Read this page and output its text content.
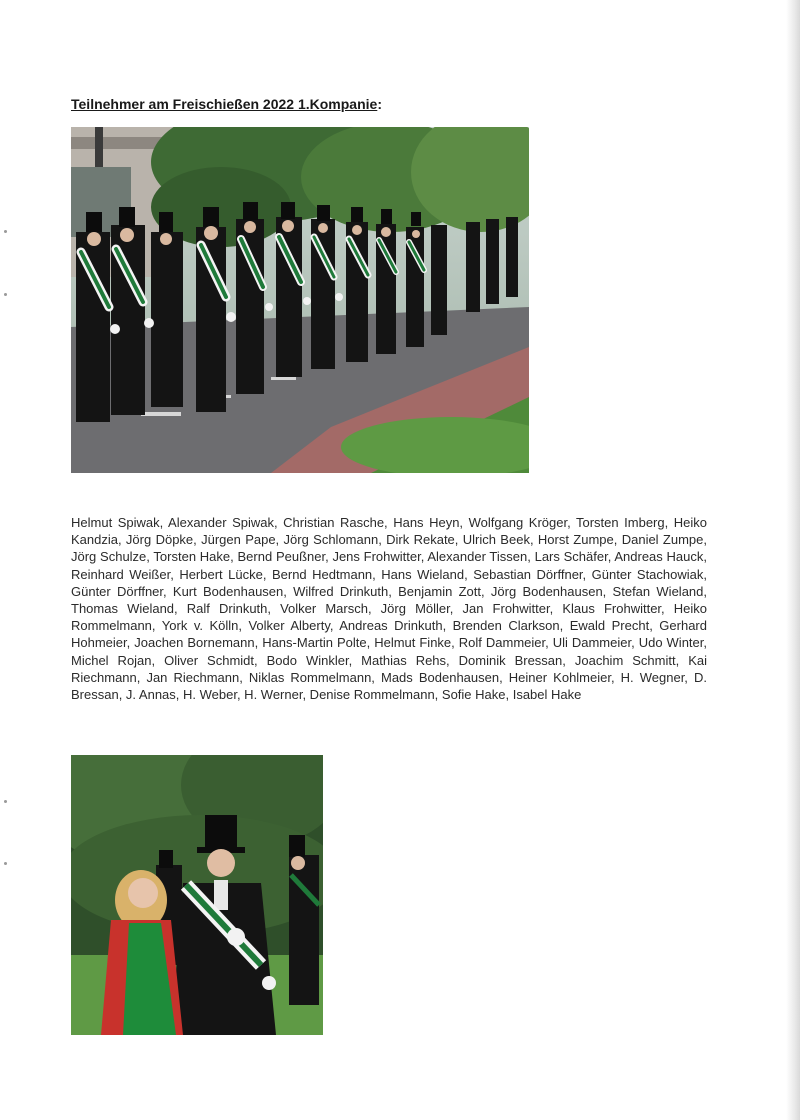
Teilnehmer am Freischießen 2022 1.Kompanie:

Helmut Spiwak, Alexander Spiwak, Christian Rasche, Hans Heyn, Wolfgang Kröger, Torsten Imberg, Heiko Kandzia, Jörg Döpke, Jürgen Pape, Jörg Schlomann, Dirk Rekate, Ulrich Beek, Horst Zumpe, Daniel Zumpe, Jörg Schulze, Torsten Hake, Bernd Peußner, Jens Frohwitter, Alexander Tissen, Lars Schäfer, Andreas Hauck, Reinhard Weißer, Herbert Lücke, Bernd Hedtmann, Hans Wieland, Sebastian Dörffner, Günter Stachowiak, Günter Dörffner, Kurt Bodenhausen, Wilfred Drinkuth, Benjamin Zott, Jörg Bodenhausen, Stefan Wieland, Thomas Wieland, Ralf Drinkuth, Volker Marsch, Jörg Möller, Jan Frohwitter, Klaus Frohwitter, Heiko Rommelmann, York v. Kölln, Volker Alberty, Andreas Drinkuth, Brenden Clarkson, Ewald Precht, Gerhard Hohmeier, Joachen Bornemann, Hans-Martin Polte, Helmut Finke, Rolf Dammeier, Uli Dammeier, Udo Winter, Michel Rojan, Oliver Schmidt, Bodo Winkler, Mathias Rehs, Dominik Bressan, Joachim Schmitt, Kai Riechmann, Jan Riechmann, Niklas Rommelmann, Mads Bodenhausen, Heiner Kohlmeier, H. Wegner, D. Bressan, J. Annas, H. Weber, H. Werner, Denise Rommelmann, Sofie Hake, Isabel Hake
